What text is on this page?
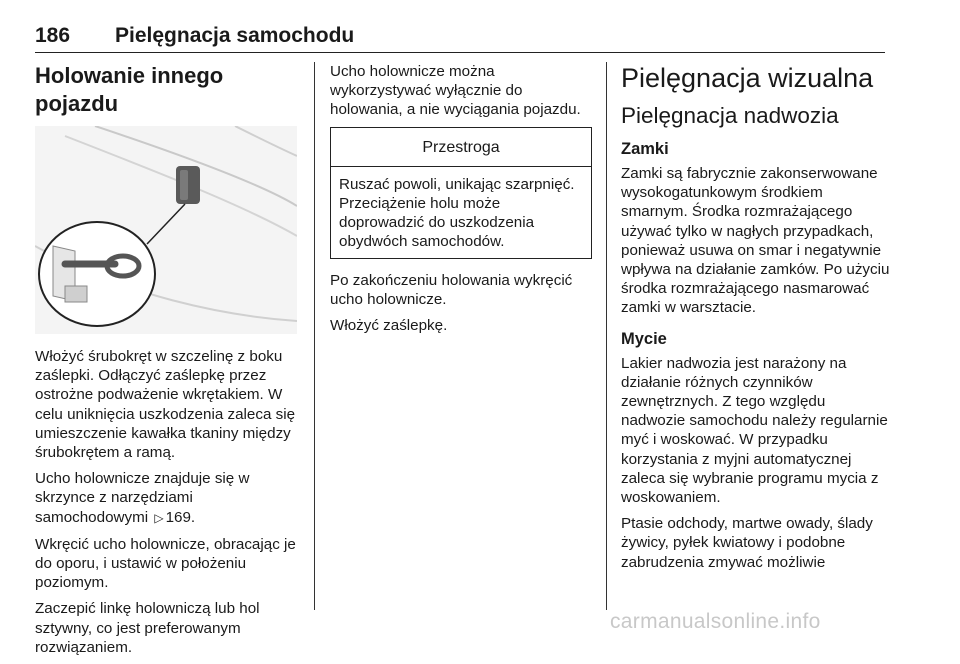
186 Pielęgnacja samochodu
Holowanie innego pojazdu

Włożyć śrubokręt w szczelinę z boku zaślepki. Odłączyć zaślepkę przez ostrożne podważenie wkrętakiem. W celu uniknięcia uszkodzenia zaleca się umieszczenie kawałka tkaniny między śrubokrętem a ramą.

Ucho holownicze znajduje się w skrzynce z narzędziami samochodowymi ▷ 169.

Wkręcić ucho holownicze, obracając je do oporu, i ustawić w położeniu poziomym.

Zaczepić linkę holowniczą lub hol sztywny, co jest preferowanym rozwiązaniem.

Ucho holownicze można wykorzystywać wyłącznie do holowania, a nie wyciągania pojazdu.

Przestroga
Ruszać powoli, unikając szarpnięć. Przeciążenie holu może doprowadzić do uszkodzenia obydwóch samochodów.

Po zakończeniu holowania wykręcić ucho holownicze.

Włożyć zaślepkę.

Pielęgnacja wizualna
Pielęgnacja nadwozia
Zamki

Zamki są fabrycznie zakonserwowane wysokogatunkowym środkiem smarnym. Środka rozmrażającego używać tylko w nagłych przypadkach, ponieważ usuwa on smar i negatywnie wpływa na działanie zamków. Po użyciu środka rozmrażającego nasmarować zamki w warsztacie.

Mycie

Lakier nadwozia jest narażony na działanie różnych czynników zewnętrznych. Z tego względu nadwozie samochodu należy regularnie myć i woskować. W przypadku korzystania z myjni automatycznej zaleca się wybranie programu mycia z woskowaniem.

Ptasie odchody, martwe owady, ślady żywicy, pyłek kwiatowy i podobne zabrudzenia zmywać możliwie

carmanualsonline.info
